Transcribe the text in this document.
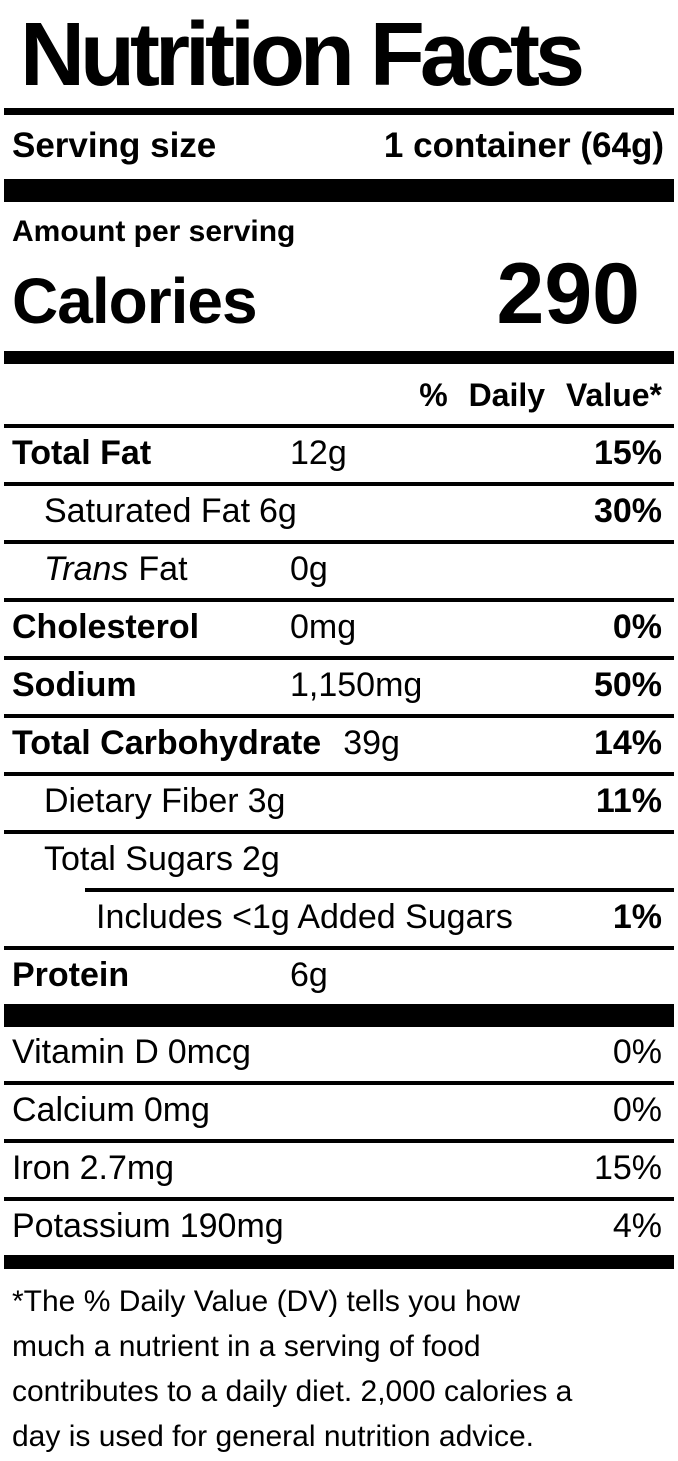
Nutrition Facts
Serving size	1 container (64g)
Amount per serving
Calories	290
% Daily Value*
Total Fat	12g	15%
Saturated Fat 6g	30%
Trans Fat	0g
Cholesterol	0mg	0%
Sodium	1,150mg	50%
Total Carbohydrate 39g	14%
Dietary Fiber 3g	11%
Total Sugars 2g
Includes <1g Added Sugars	1%
Protein	6g
Vitamin D 0mcg	0%
Calcium 0mg	0%
Iron 2.7mg	15%
Potassium 190mg	4%
*The % Daily Value (DV) tells you how
much a nutrient in a serving of food
contributes to a daily diet. 2,000 calories a
day is used for general nutrition advice.
